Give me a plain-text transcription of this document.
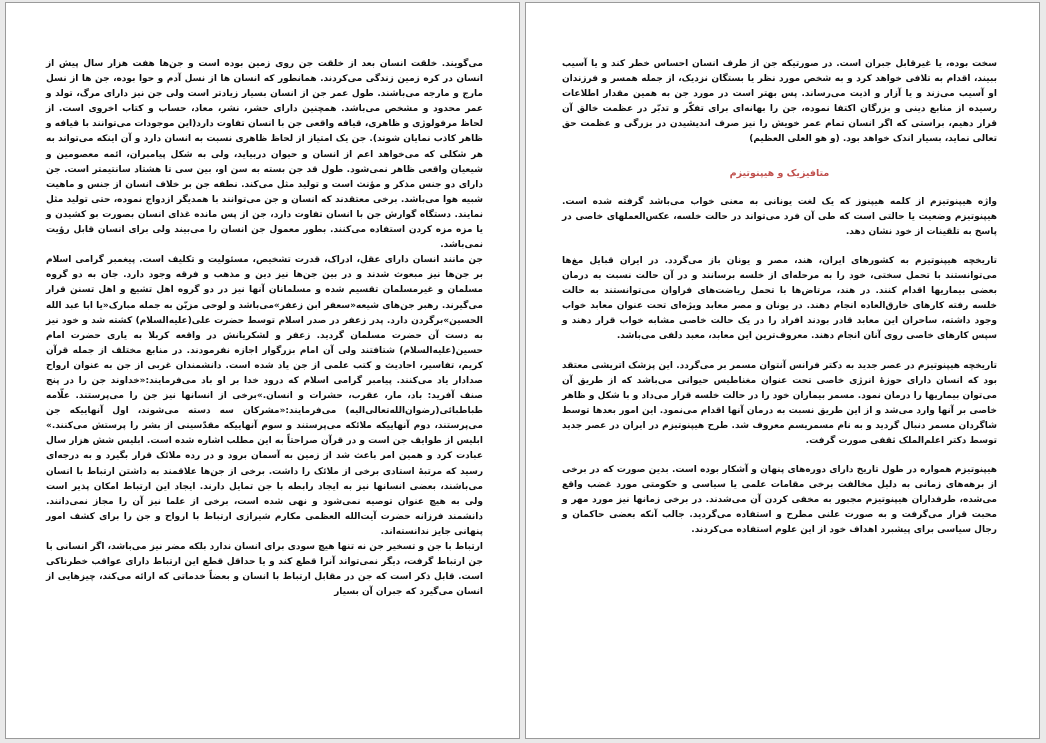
می‌گویند. خلقت انسان بعد از خلقت جن روی زمین بوده است و جن‌ها هفت هزار سال پیش از انسان در کره زمین زندگی می‌کردند. همانطور که انسان ها از نسل آدم و حوا بوده، جن ها از نسل مارج و مارجه می‌باشند. طول عمر جن از انسان بسیار زیادتر است ولی جن نیز دارای مرگ، تولد و عمر محدود و مشخص می‌باشد. همچنین دارای حشر، نشر، معاد، حساب و کتاب اخروی است. از لحاظ مرفولوژی و ظاهری، قیافه واقعی جن با انسان تفاوت دارد(این موجودات می‌توانند با قیافه و ظاهر کاذب نمایان شوند). جن یک امتیاز از لحاظ ظاهری نسبت به انسان دارد و آن اینکه می‌تواند به هر شکلی که می‌خواهد اعم از انسان و حیوان دربیاید، ولی به شکل پیامبران، ائمه معصومین و شیعیان واقعی ظاهر نمی‌شود. طول قد جن بسته به سن او، بین سی تا هشتاد سانتیمتر است. جن دارای دو جنس مذکر و مؤنث است و تولید مثل می‌کند. نطفه جن بر خلاف انسان از جنس و ماهیت شبیه هوا می‌باشد. برخی معتقدند که انسان و جن می‌توانند با همدیگر ازدواج نموده، حتی تولید مثل نمایند. دستگاه گوارش جن با انسان تفاوت دارد، جن از پس مانده غذای انسان بصورت بو کشیدن و یا مزه مزه کردن استفاده می‌کنند. بطور معمول جن انسان را می‌بیند ولی برای انسان قابل رؤیت نمی‌باشد.

جن مانند انسان دارای عقل، ادراک، قدرت تشخیص، مسئولیت و تکلیف است. پیغمبر گرامی اسلام بر جن‌ها نیز مبعوث شدند و در بین جن‌ها نیز دین و مذهب و فرقه وجود دارد. جان به دو گروه مسلمان و غیرمسلمان تقسیم شده و مسلمانان آنها نیز در دو گروه اهل تشیع و اهل تسنن قرار می‌گیرند. رهبر جن‌های شیعه«سعفر ابن زعفر»می‌باشد و لوحی مزیّن به جمله مبارک«یا ابا عبد الله الحسین»برگردن دارد. پدر زعفر در صدر اسلام توسط حضرت علی(علیه‌السلام) کشته شد و خود نیز به دست آن حضرت مسلمان گردید. زعفر و لشکریانش در واقعه کربلا به یاری حضرت امام حسین(علیه‌السلام) شتافتند ولی آن امام بزرگوار اجازه نفرمودند. در منابع مختلف از جمله قرآن کریم، تفاسیر، احادیث و کتب علمی از جن یاد شده است. دانشمندان غربی از جن به عنوان ارواح صدادار یاد می‌کنند. پیامبر گرامی اسلام که درود خدا بر او باد می‌فرمایند:«خداوند جن را در پنج صنف آفرید: باد، مار، عقرب، حشرات و انسان.»برخی از انسانها نیز جن را می‌پرستند. علّامه طباطبائی(رضوان‌الله‌تعالی‌الیه) می‌فرمایند:«مشرکان سه دسته می‌شوند، اول آنهاییکه جن می‌پرستند، دوم آنهاییکه ملائکه می‌پرستند و سوم آنهاییکه مقدّسینی از بشر را پرستش می‌کنند.» ابلیس از طوایف جن است و در قرآن صراحتاً به این مطلب اشاره شده است. ابلیس شش هزار سال عبادت کرد و همین امر باعث شد از زمین به آسمان برود و در رده ملائک قرار بگیرد و به درجه‌ای رسید که مرتبهٔ استادی برخی از ملائک را داشت. برخی از جن‌ها علاقمند به داشتن ارتباط با انسان می‌باشند، بعضی انسانها نیز به ایجاد رابطه با جن تمایل دارند. ایجاد این ارتباط امکان پذیر است ولی به هیچ عنوان توصیه نمی‌شود و نهی شده است، برخی از علما نیز آن را مجاز نمی‌دانند. دانشمند فرزانه حضرت آیت‌الله العظمی مکارم شیرازی ارتباط با ارواح و جن را برای کشف امور پنهانی جایز ندانسته‌اند.

ارتباط با جن و تسخیر جن نه تنها هیچ سودی برای انسان ندارد بلکه مضر نیز می‌باشد، اگر انسانی با جن ارتباط گرفت، دیگر نمی‌تواند آنرا قطع کند و یا حداقل قطع این ارتباط دارای عواقب خطرناکی است. قابل ذکر است که جن در مقابل ارتباط با انسان و بعضاً خدماتی که ارائه می‌کند، چیزهایی از انسان می‌گیرد که جبران آن بسیار

سخت بوده، یا غیرقابل جبران است. در صورتیکه جن از طرف انسان احساس خطر کند و یا آسیب ببیند، اقدام به تلافی خواهد کرد و به شخص مورد نظر یا بستگان نزدیک، از جمله همسر و فرزندان او آسیب می‌زند و یا آزار و اذیت می‌رساند. پس بهتر است در مورد جن به همین مقدار اطلاعات رسیده از منابع دینی و بزرگان اکتفا نموده، جن را بهانه‌ای برای تفکّر و تدبّر در عظمت خالق آن قرار دهیم، براستی که اگر انسان تمام عمر خویش را نیز صرف اندیشیدن در بزرگی و عظمت حق تعالی نماید، بسیار اندک خواهد بود. (و هو العلی العظیم)

متافیزیک و هیپنوتیزم

واژه هیپنوتیزم از کلمه هیپنوز که یک لغت یونانی به معنی خواب می‌باشد گرفته شده است. هیپنوتیزم وضعیت یا حالتی است که طی آن فرد می‌تواند در حالت خلسه، عکس‌العملهای خاصی در پاسخ به تلقینات از خود نشان دهد.

تاریخچه هیپنوتیزم به کشورهای ایران، هند، مصر و یونان باز می‌گردد. در ایران قبایل مغ‌ها می‌توانستند با تحمل سختی، خود را به مرحله‌ای از خلسه برسانند و در آن حالت نسبت به درمان بعضی بیماریها اقدام کنند. در هند، مرتاض‌ها با تحمل ریاضت‌های فراوان می‌توانستند به حالت خلسه رفته کارهای خارق‌العاده انجام دهند. در یونان و مصر معابد ویژه‌ای تحت عنوان معابد خواب وجود داشته، ساحران این معابد قادر بودند افراد را در یک حالت خاصی مشابه خواب قرار دهند و سپس کارهای خاصی روی آنان انجام دهند. معروف‌ترین این معابد، معبد دلفی می‌باشد.

تاریخچه هیپنوتیزم در عصر جدید به دکتر فرانس آنتوان مسمر بر می‌گردد. این پزشک اتریشی معتقد بود که انسان دارای حوزهٔ انرژی خاصی تحت عنوان مغناطیس حیوانی می‌باشد که از طریق آن می‌توان بیماریها را درمان نمود. مسمر بیماران خود را در حالت خلسه قرار می‌داد و با شکل و ظاهر خاصی بر آنها وارد می‌شد و از این طریق نسبت به درمان آنها اقدام می‌نمود. این امور بعدها توسط شاگردان مسمر دنبال گردید و به نام مسمریسم معروف شد. طرح هیپنوتیزم در ایران در عصر جدید توسط دکتر اعلم‌الملک ثقفی صورت گرفت.

هیپنوتیزم همواره در طول تاریخ دارای دوره‌های پنهان و آشکار بوده است. بدین صورت که در برخی از برهه‌های زمانی به دلیل مخالفت برخی مقامات علمی یا سیاسی و حکومتی مورد غضب واقع می‌شده، طرفداران هیپنوتیزم مجبور به مخفی کردن آن می‌شدند. در برخی زمانها نیز مورد مهر و محبت قرار می‌گرفت و به صورت علنی مطرح و استفاده می‌گردید. جالب آنکه بعضی حاکمان و رجال سیاسی برای پیشبرد اهداف خود از این علوم استفاده می‌کردند.
